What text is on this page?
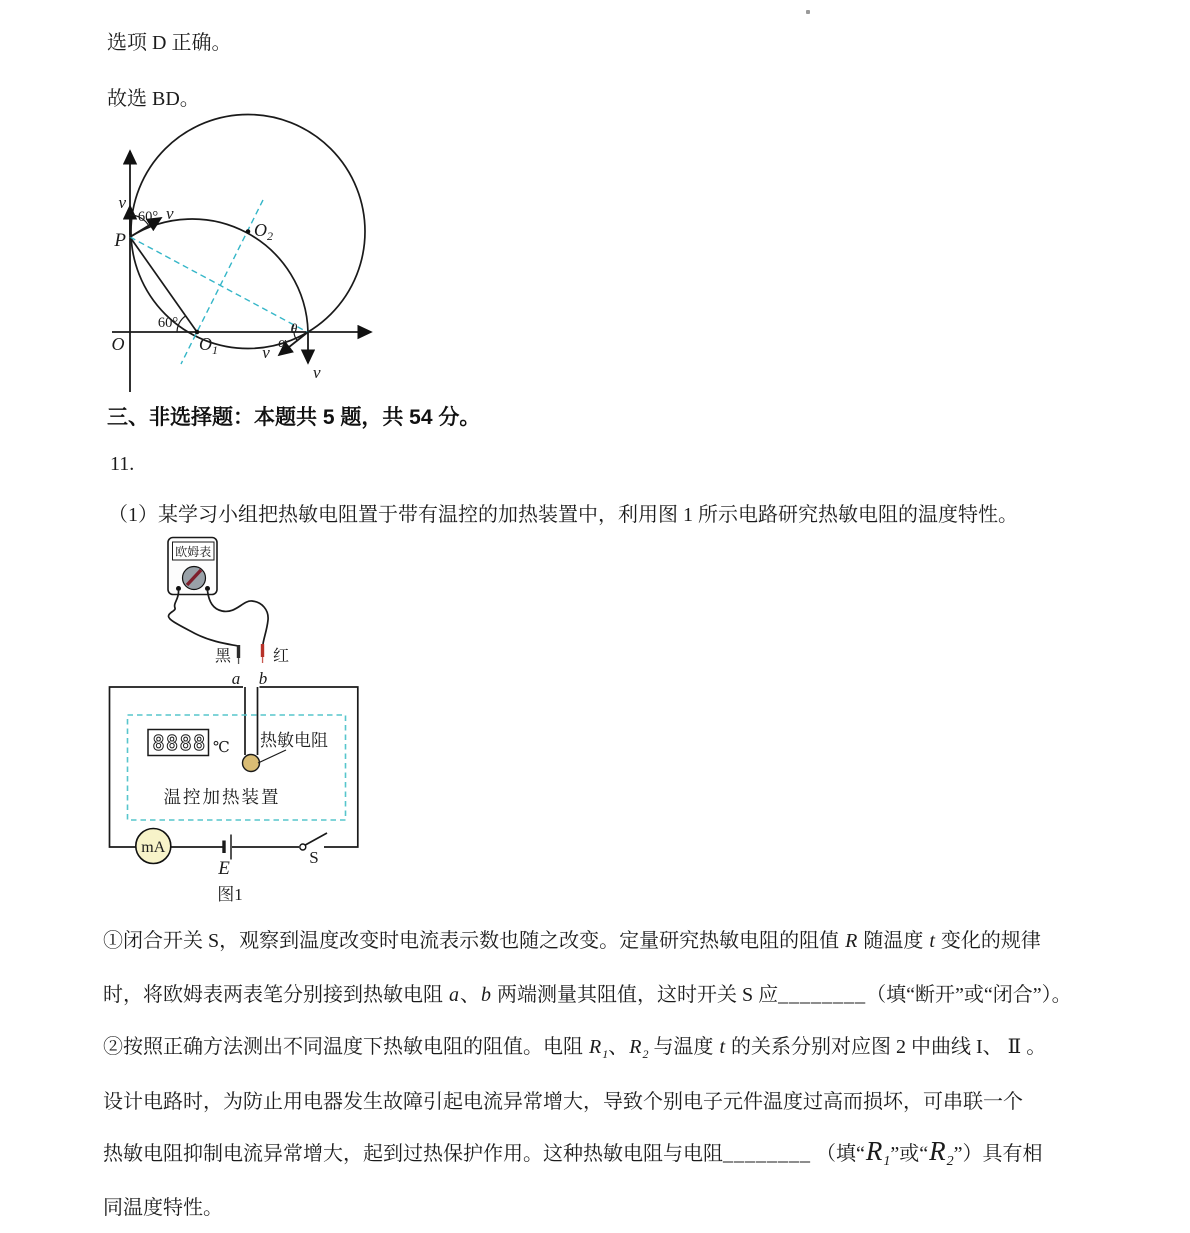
选项 D 正确。
故选 BD。
P
O	$O_1$
$O_2$
v
v
v
v
60°
60°	θ
α
三、非选择题：本题共 5 题，共 54 分。
11.
（1）某学习小组把热敏电阻置于带有温控的加热装置中，利用图 1 所示电路研究热敏电阻的温度特性。
欧姆表
黑	红
a b
8888 ℃ 热敏电阻
温控加热装置
mA
E
S
图1
①闭合开关 S，观察到温度改变时电流表示数也随之改变。定量研究热敏电阻的阻值 R 随温度 t 变化的规律
时，将欧姆表两表笔分别接到热敏电阻 a、b 两端测量其阻值，这时开关 S 应________（填“断开”或“闭合”）。
②按照正确方法测出不同温度下热敏电阻的阻值。电阻 $R_1$、$R_2$ 与温度 t 的关系分别对应图 2 中曲线 I、 Ⅱ 。
设计电路时，为防止用电器发生故障引起电流异常增大，导致个别电子元件温度过高而损坏，可串联一个
热敏电阻抑制电流异常增大，起到过热保护作用。这种热敏电阻与电阻________ （填“$R_1$”或“$R_2$”）具有相
同温度特性。
